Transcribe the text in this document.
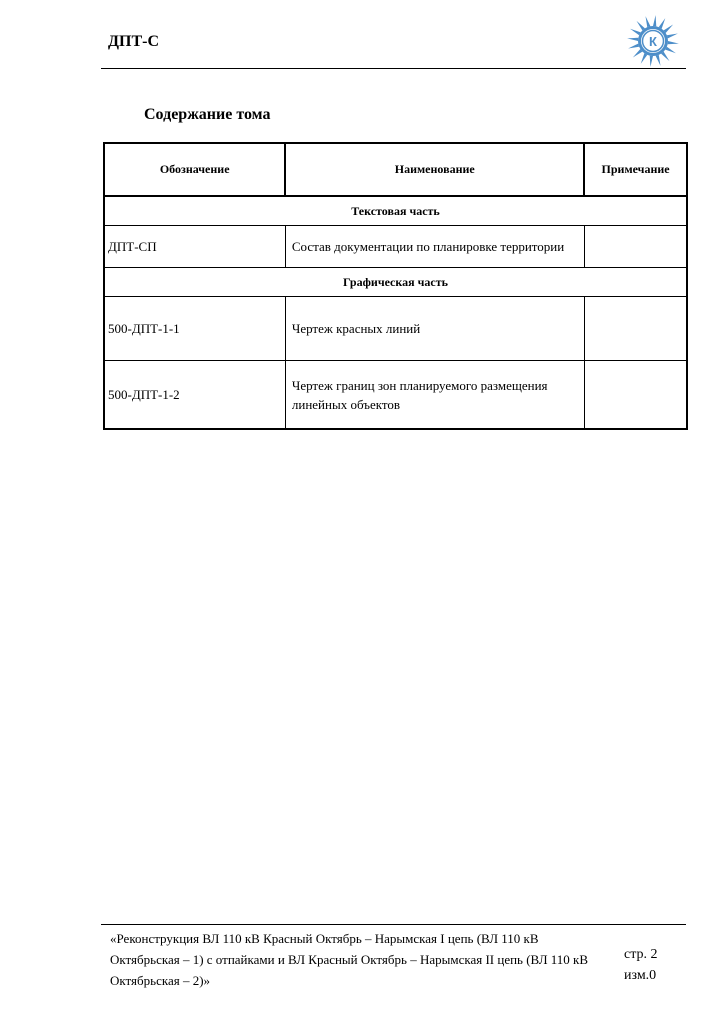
ДПТ-С	К
Содержание тома
Обозначение	Наименование	Примечание
Текстовая часть		
ДПТ-СП	Состав документации по планировке территории	
Графическая часть		
500-ДПТ-1-1	Чертеж красных линий	
500-ДПТ-1-2	Чертеж границ зон планируемого размещения линейных объектов	
«Реконструкция ВЛ 110 кВ Красный Октябрь – Нарымская I цепь (ВЛ 110 кВ Октябрьская – 1) с отпайками и ВЛ Красный Октябрь – Нарымская II цепь (ВЛ 110 кВ Октябрьская – 2)»
стр. 2
изм.0
